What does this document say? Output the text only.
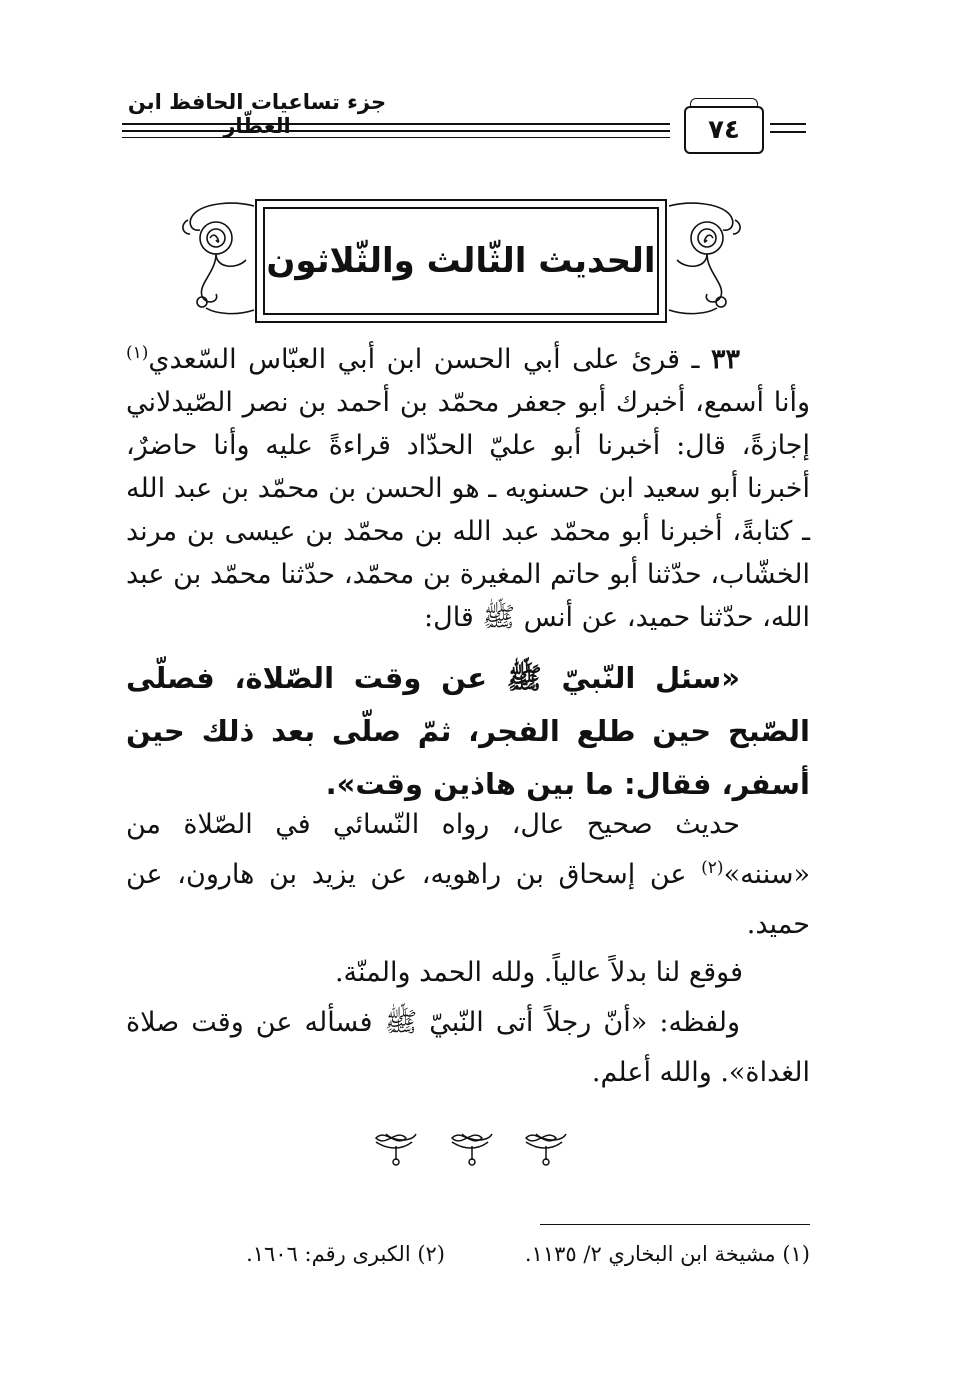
جزء تساعيات الحافظ ابن العطّار	٧٤
الحديث الثّالث والثّلاثون
٣٣ ـ قرئ على أبي الحسن ابن أبي العبّاس السّعدي$^{(١)}$ وأنا أسمع، أخبرك أبو جعفر محمّد بن أحمد بن نصر الصّيدلاني إجازةً، قال: أخبرنا أبو عليّ الحدّاد قراءةً عليه وأنا حاضرٌ، أخبرنا أبو سعيد ابن حسنويه ـ هو الحسن بن محمّد بن عبد الله ـ كتابةً، أخبرنا أبو محمّد عبد الله بن محمّد بن عيسى بن مرند الخشّاب، حدّثنا أبو حاتم المغيرة بن محمّد، حدّثنا محمّد بن عبد الله، حدّثنا حميد، عن أنس ﷺ قال:
«سئل النّبيّ ﷺ عن وقت الصّلاة، فصلّى الصّبح حين طلع الفجر، ثمّ صلّى بعد ذلك حين أسفر، فقال: ما بين هاذين وقت».
حديث صحيح عال، رواه النّسائي في الصّلاة من «سننه»$^{(٢)}$ عن إسحاق بن راهويه، عن يزيد بن هارون، عن حميد.
فوقع لنا بدلاً عالياً. ولله الحمد والمنّة.
ولفظه: «أنّ رجلاً أتى النّبيّ ﷺ فسأله عن وقت صلاة الغداة». والله أعلم.
(١) مشيخة ابن البخاري ٢/ ١١٣٥.
(٢) الكبرى رقم: ١٦٠٦.
